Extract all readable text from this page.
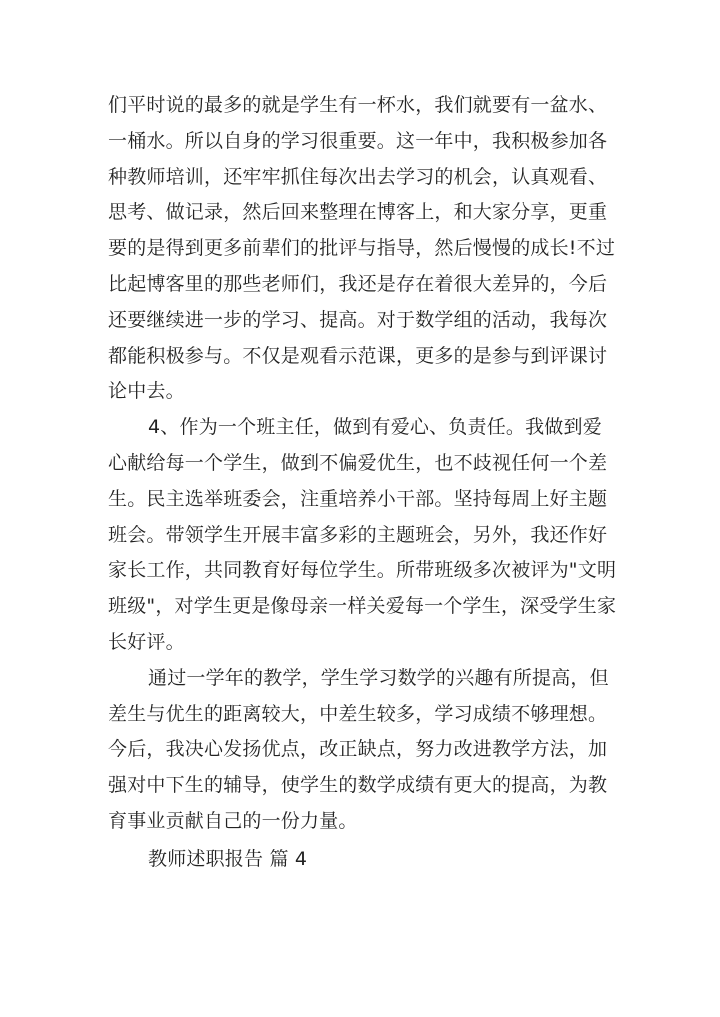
们平时说的最多的就是学生有一杯水，我们就要有一盆水、
一桶水。所以自身的学习很重要。这一年中，我积极参加各
种教师培训，还牢牢抓住每次出去学习的机会，认真观看、
思考、做记录，然后回来整理在博客上，和大家分享，更重
要的是得到更多前辈们的批评与指导，然后慢慢的成长!不过
比起博客里的那些老师们，我还是存在着很大差异的，今后
还要继续进一步的学习、提高。对于数学组的活动，我每次
都能积极参与。不仅是观看示范课，更多的是参与到评课讨
论中去。
4、作为一个班主任，做到有爱心、负责任。我做到爱
心献给每一个学生，做到不偏爱优生，也不歧视任何一个差
生。民主选举班委会，注重培养小干部。坚持每周上好主题
班会。带领学生开展丰富多彩的主题班会，另外，我还作好
家长工作，共同教育好每位学生。所带班级多次被评为"文明
班级"，对学生更是像母亲一样关爱每一个学生，深受学生家
长好评。
通过一学年的教学，学生学习数学的兴趣有所提高，但
差生与优生的距离较大，中差生较多，学习成绩不够理想。
今后，我决心发扬优点，改正缺点，努力改进教学方法，加
强对中下生的辅导，使学生的数学成绩有更大的提高，为教
育事业贡献自己的一份力量。
教师述职报告 篇 4
